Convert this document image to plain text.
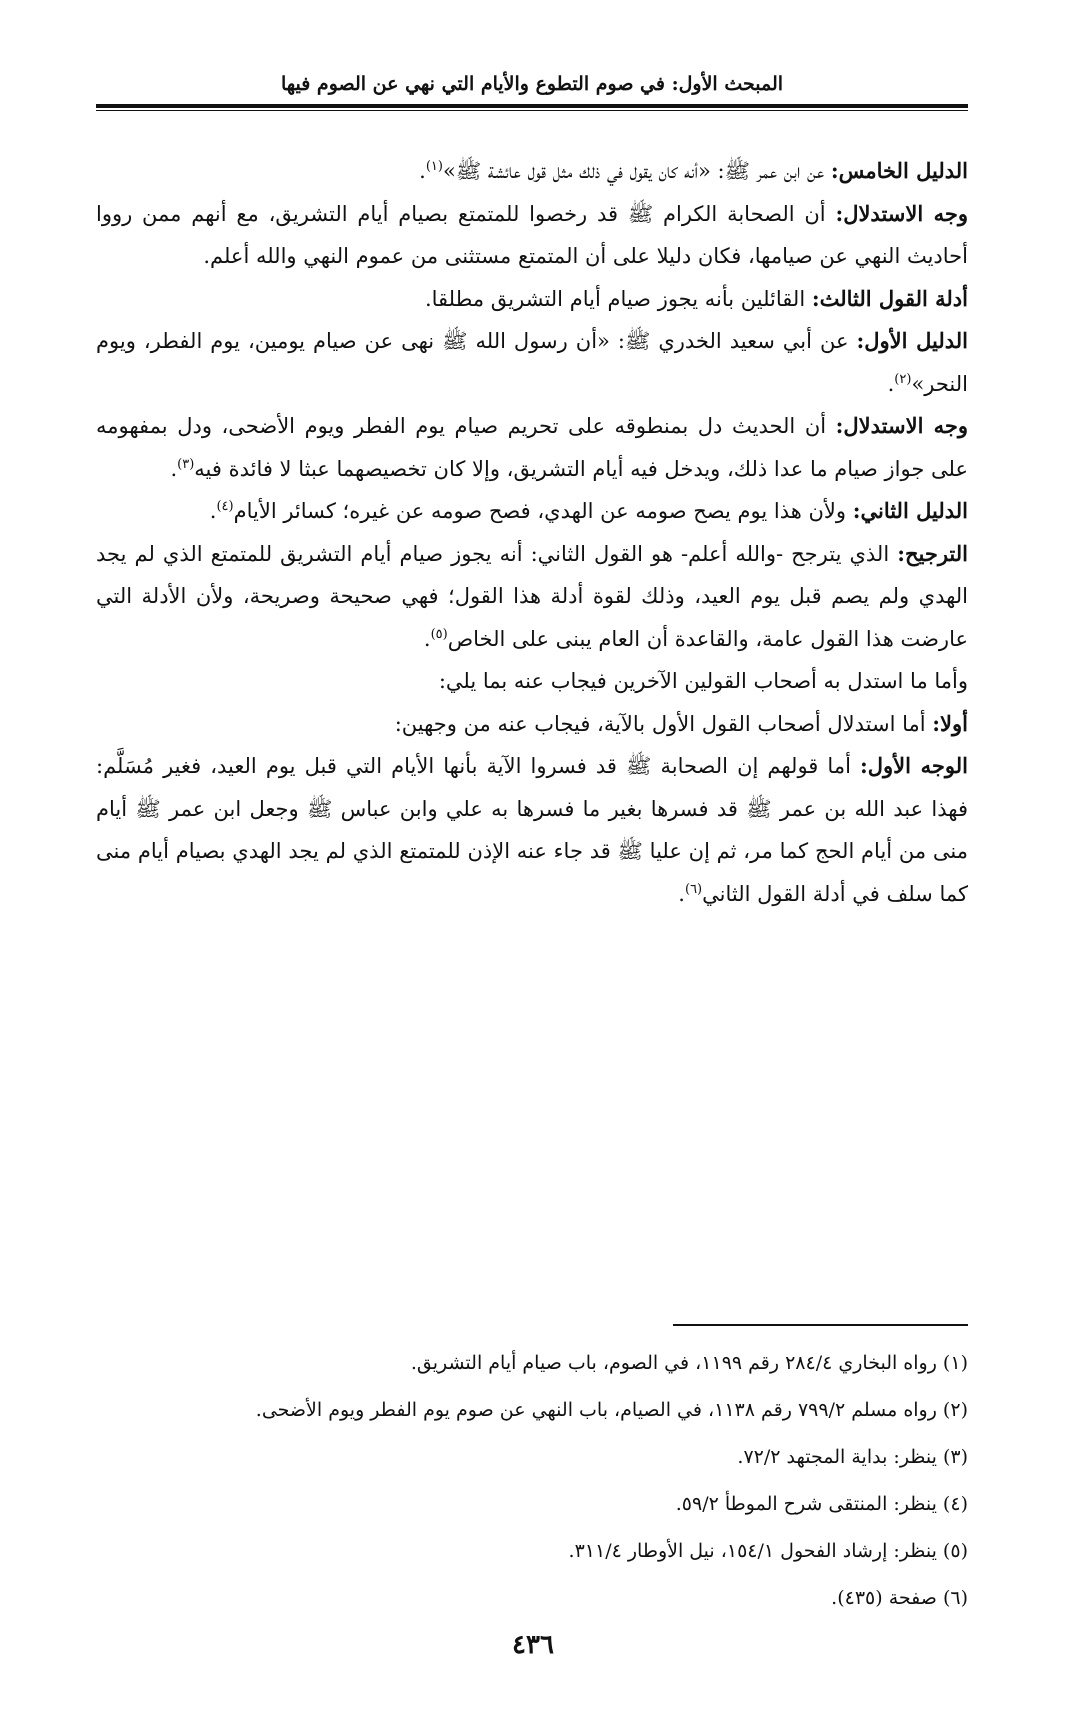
المبحث الأول: في صوم التطوع والأيام التي نهي عن الصوم فيها

الدليل الخامس: عن ابن عمر ﷺ: «أنه كان يقول في ذلك مثل قول عائشة ﷺ»$^{(١)}$.

وجه الاستدلال: أن الصحابة الكرام ﷺ قد رخصوا للمتمتع بصيام أيام التشريق، مع أنهم ممن رووا أحاديث النهي عن صيامها، فكان دليلا على أن المتمتع مستثنى من عموم النهي والله أعلم.

أدلة القول الثالث: القائلين بأنه يجوز صيام أيام التشريق مطلقا.

الدليل الأول: عن أبي سعيد الخدري ﷺ: «أن رسول الله ﷺ نهى عن صيام يومين، يوم الفطر، ويوم النحر»$^{(٢)}$.

وجه الاستدلال: أن الحديث دل بمنطوقه على تحريم صيام يوم الفطر ويوم الأضحى، ودل بمفهومه على جواز صيام ما عدا ذلك، ويدخل فيه أيام التشريق، وإلا كان تخصيصهما عبثا لا فائدة فيه$^{(٣)}$.

الدليل الثاني: ولأن هذا يوم يصح صومه عن الهدي، فصح صومه عن غيره؛ كسائر الأيام$^{(٤)}$.

الترجيح: الذي يترجح -والله أعلم- هو القول الثاني: أنه يجوز صيام أيام التشريق للمتمتع الذي لم يجد الهدي ولم يصم قبل يوم العيد، وذلك لقوة أدلة هذا القول؛ فهي صحيحة وصريحة، ولأن الأدلة التي عارضت هذا القول عامة، والقاعدة أن العام يبنى على الخاص$^{(٥)}$.

وأما ما استدل به أصحاب القولين الآخرين فيجاب عنه بما يلي:

أولا: أما استدلال أصحاب القول الأول بالآية، فيجاب عنه من وجهين:

الوجه الأول: أما قولهم إن الصحابة ﷺ قد فسروا الآية بأنها الأيام التي قبل يوم العيد، فغير مُسَلَّم: فهذا عبد الله بن عمر ﷺ قد فسرها بغير ما فسرها به علي وابن عباس ﷺ وجعل ابن عمر ﷺ أيام منى من أيام الحج كما مر، ثم إن عليا ﷺ قد جاء عنه الإذن للمتمتع الذي لم يجد الهدي بصيام أيام منى كما سلف في أدلة القول الثاني$^{(٦)}$.

(١) رواه البخاري ٢٨٤/٤ رقم ١١٩٩، في الصوم، باب صيام أيام التشريق.

(٢) رواه مسلم ٧٩٩/٢ رقم ١١٣٨، في الصيام، باب النهي عن صوم يوم الفطر ويوم الأضحى.

(٣) ينظر: بداية المجتهد ٧٢/٢.

(٤) ينظر: المنتقى شرح الموطأ ٥٩/٢.

(٥) ينظر: إرشاد الفحول ١٥٤/١، نيل الأوطار ٣١١/٤.

(٦) صفحة (٤٣٥).

٤٣٦
